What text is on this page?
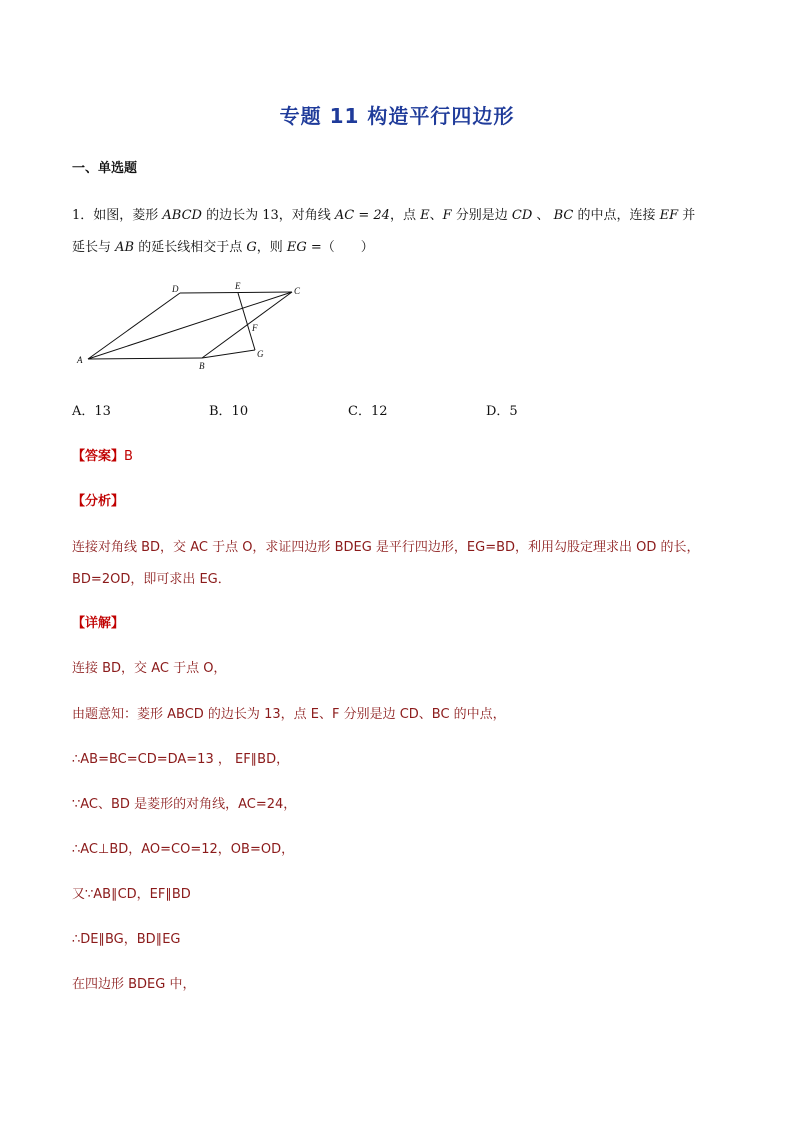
专题 11 构造平行四边形
一、单选题
1．如图，菱形 ABCD 的边长为 13，对角线 AC = 24，点 E、F 分别是边 CD 、 BC 的中点，连接 EF 并
延长与 AB 的延长线相交于点 G，则 EG =（　　）
A
B
C
D	E
F
G
A．13	B．10	C．12	D．5
【答案】B
【分析】
连接对角线 BD，交 AC 于点 O，求证四边形 BDEG 是平行四边形，EG=BD，利用勾股定理求出 OD 的长，
BD=2OD，即可求出 EG．
【详解】
连接 BD，交 AC 于点 O，
由题意知：菱形 ABCD 的边长为 13，点 E、F 分别是边 CD、BC 的中点，
∴AB=BC=CD=DA=13 ， EF∥BD，
∵AC、BD 是菱形的对角线，AC=24，
∴AC⊥BD，AO=CO=12，OB=OD，
又∵AB∥CD，EF∥BD
∴DE∥BG，BD∥EG
在四边形 BDEG 中，
